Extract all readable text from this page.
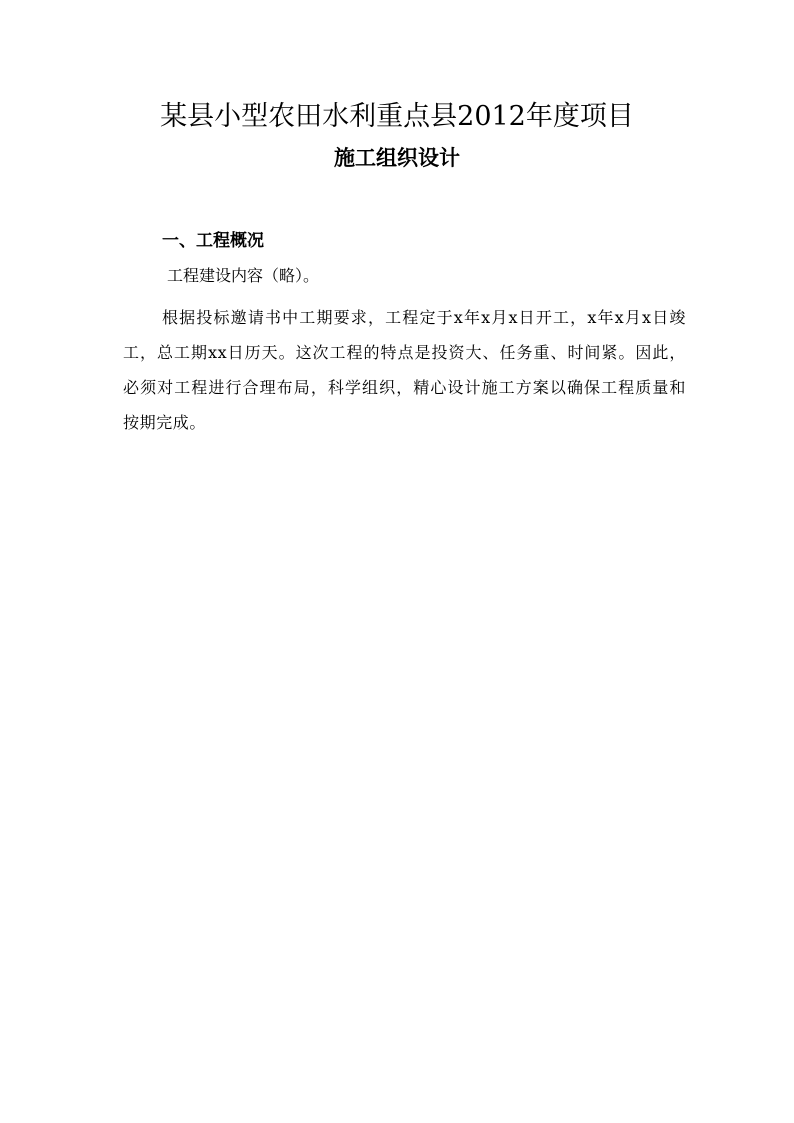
某县小型农田水利重点县2012年度项目
施工组织设计
一、工程概况
工程建设内容（略）。
根据投标邀请书中工期要求，工程定于x年x月x日开工，x年x月x日竣工，总工期xx日历天。这次工程的特点是投资大、任务重、时间紧。因此，必须对工程进行合理布局，科学组织，精心设计施工方案以确保工程质量和按期完成。
